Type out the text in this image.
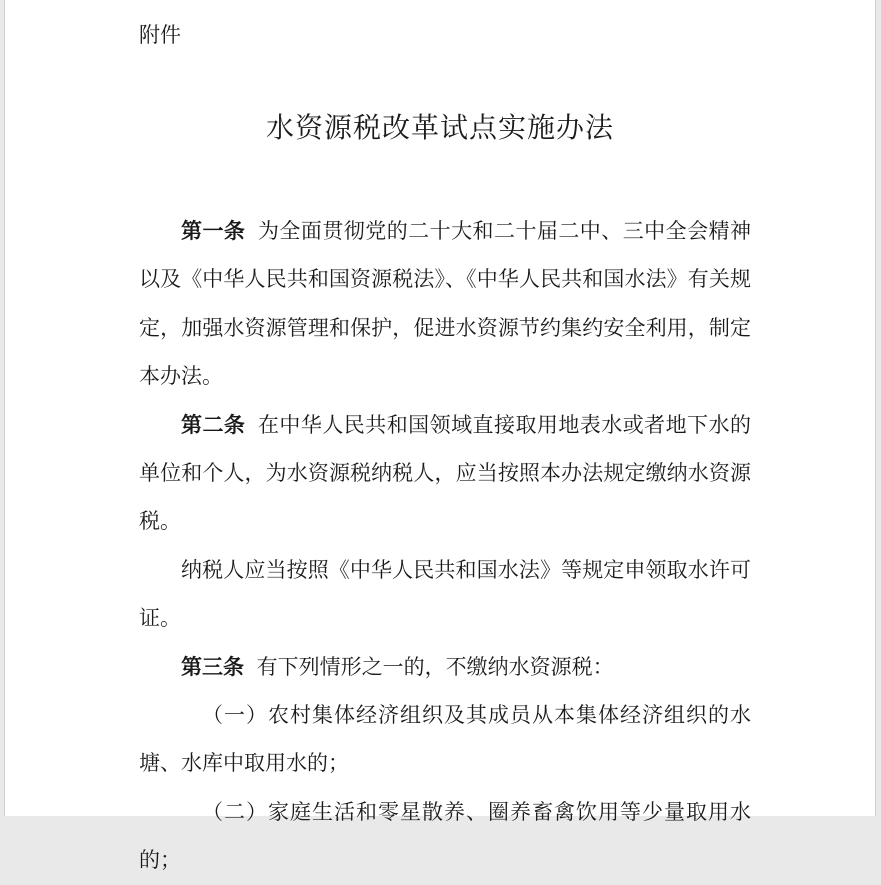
附件

水资源税改革试点实施办法

第一条 为全面贯彻党的二十大和二十届二中、三中全会精神以及《中华人民共和国资源税法》、《中华人民共和国水法》有关规定，加强水资源管理和保护，促进水资源节约集约安全利用，制定本办法。

第二条 在中华人民共和国领域直接取用地表水或者地下水的单位和个人，为水资源税纳税人，应当按照本办法规定缴纳水资源税。

纳税人应当按照《中华人民共和国水法》等规定申领取水许可证。

第三条 有下列情形之一的，不缴纳水资源税：

（一）农村集体经济组织及其成员从本集体经济组织的水塘、水库中取用水的；

（二）家庭生活和零星散养、圈养畜禽饮用等少量取用水的；
